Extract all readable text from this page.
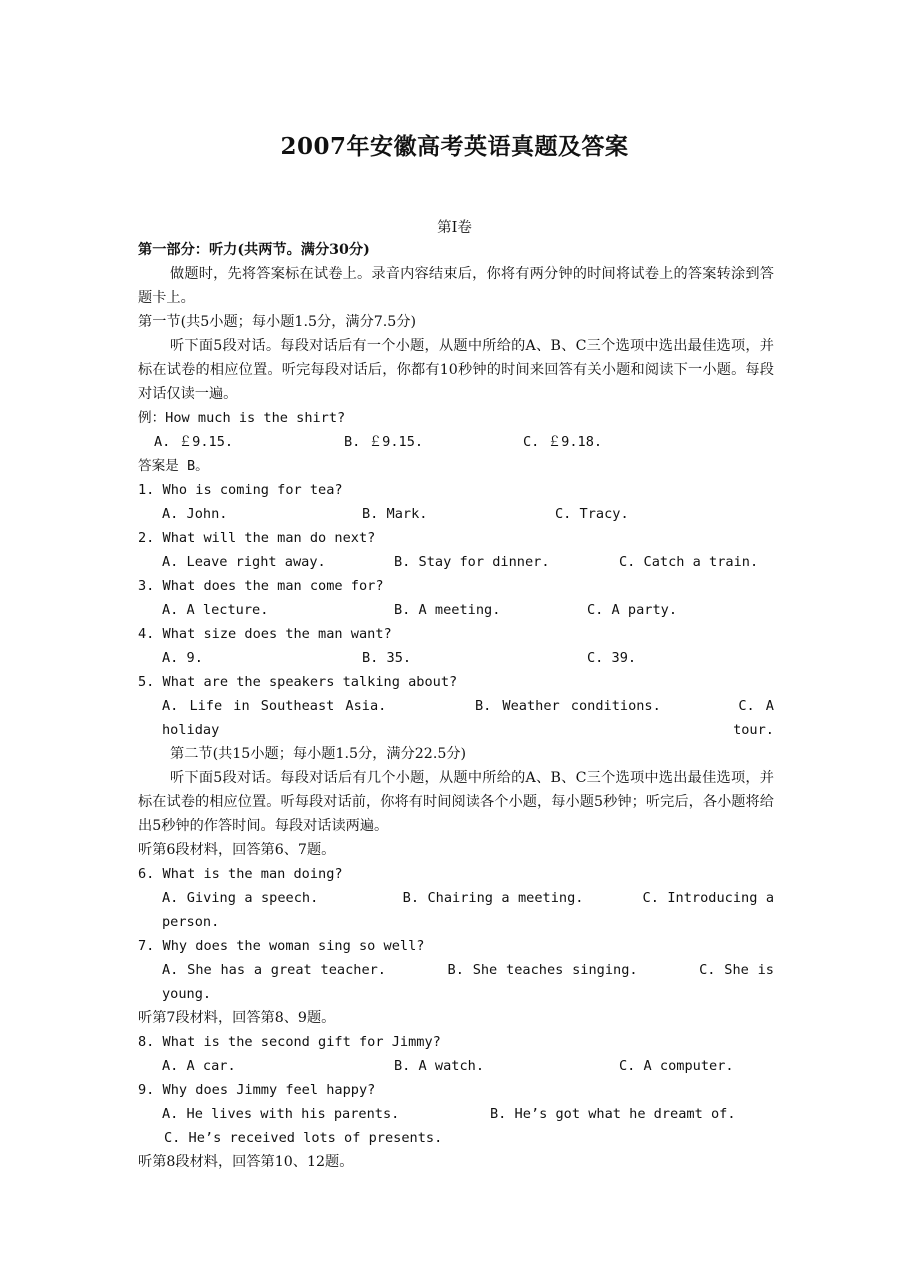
2007年安徽高考英语真题及答案
第Ⅰ卷
第一部分：听力(共两节。满分30分)
做题时，先将答案标在试卷上。录音内容结束后，你将有两分钟的时间将试卷上的答案转涂到答题卡上。
第一节(共5小题；每小题1.5分，满分7.5分)
听下面5段对话。每段对话后有一个小题，从题中所给的A、B、C三个选项中选出最佳选项，并标在试卷的相应位置。听完每段对话后，你都有10秒钟的时间来回答有关小题和阅读下一小题。每段对话仅读一遍。
例：How much is the shirt?
A. ￡9.15.	B. ￡9.15.	C. ￡9.18.
答案是 B。
1. Who is coming for tea?
A. John.	B. Mark.	C. Tracy.
2. What will the man do next?
A. Leave right away.	B. Stay for dinner.	C. Catch a train.
3. What does the man come for?
A. A lecture.	B. A meeting.	C. A party.
4. What size does the man want?
A. 9.	B. 35.	C. 39.
5. What are the speakers talking about?
A. Life in Southeast Asia.	B. Weather conditions.	C. A holiday tour.
第二节(共15小题；每小题1.5分，满分22.5分)
听下面5段对话。每段对话后有几个小题，从题中所给的A、B、C三个选项中选出最佳选项，并标在试卷的相应位置。听每段对话前，你将有时间阅读各个小题，每小题5秒钟；听完后，各小题将给出5秒钟的作答时间。每段对话读两遍。
听第6段材料，回答第6、7题。
6. What is the man doing?
A. Giving a speech.	B. Chairing a meeting.	C. Introducing a person.
7. Why does the woman sing so well?
A. She has a great teacher.	B. She teaches singing.	C. She is young.
听第7段材料，回答第8、9题。
8. What is the second gift for Jimmy?
A. A car.	B. A watch.	C. A computer.
9. Why does Jimmy feel happy?
A. He lives with his parents.	B. He’s got what he dreamt of.
C. He’s received lots of presents.
听第8段材料，回答第10、12题。
